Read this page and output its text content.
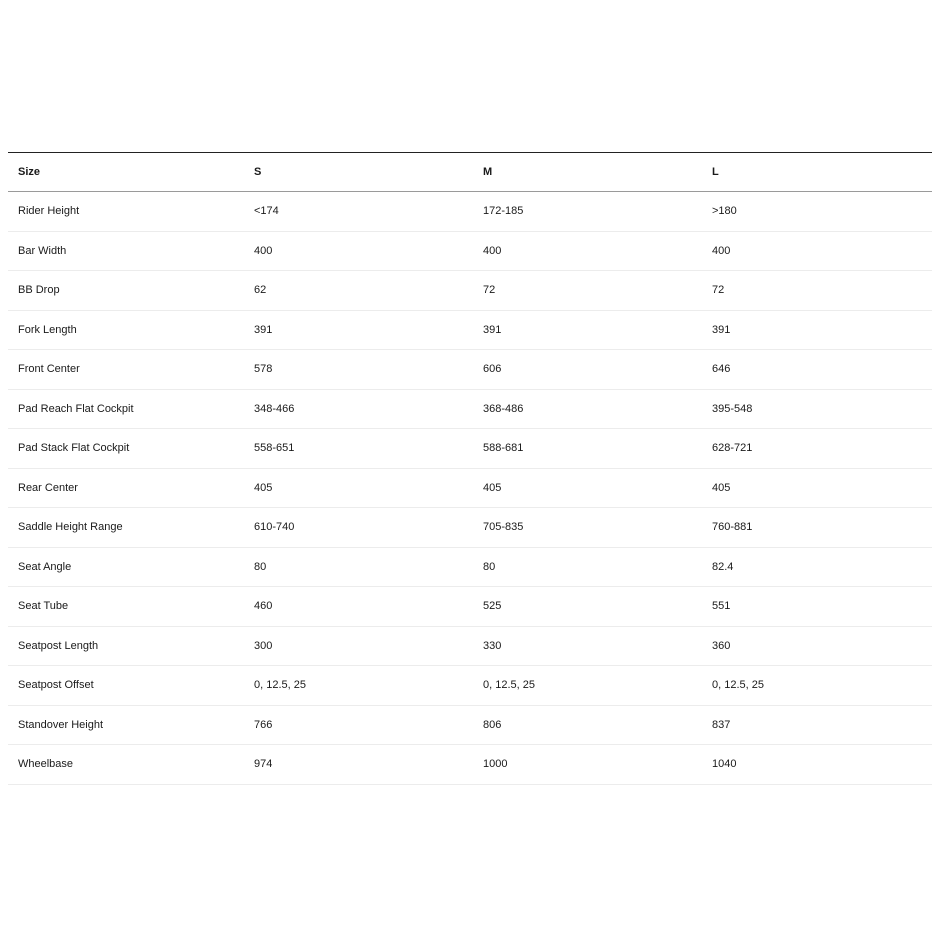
Size	S	M	L
Rider Height	<174	172-185	>180
Bar Width	400	400	400
BB Drop	62	72	72
Fork Length	391	391	391
Front Center	578	606	646
Pad Reach Flat Cockpit	348-466	368-486	395-548
Pad Stack Flat Cockpit	558-651	588-681	628-721
Rear Center	405	405	405
Saddle Height Range	610-740	705-835	760-881
Seat Angle	80	80	82.4
Seat Tube	460	525	551
Seatpost Length	300	330	360
Seatpost Offset	0, 12.5, 25	0, 12.5, 25	0, 12.5, 25
Standover Height	766	806	837
Wheelbase	974	1000	1040
